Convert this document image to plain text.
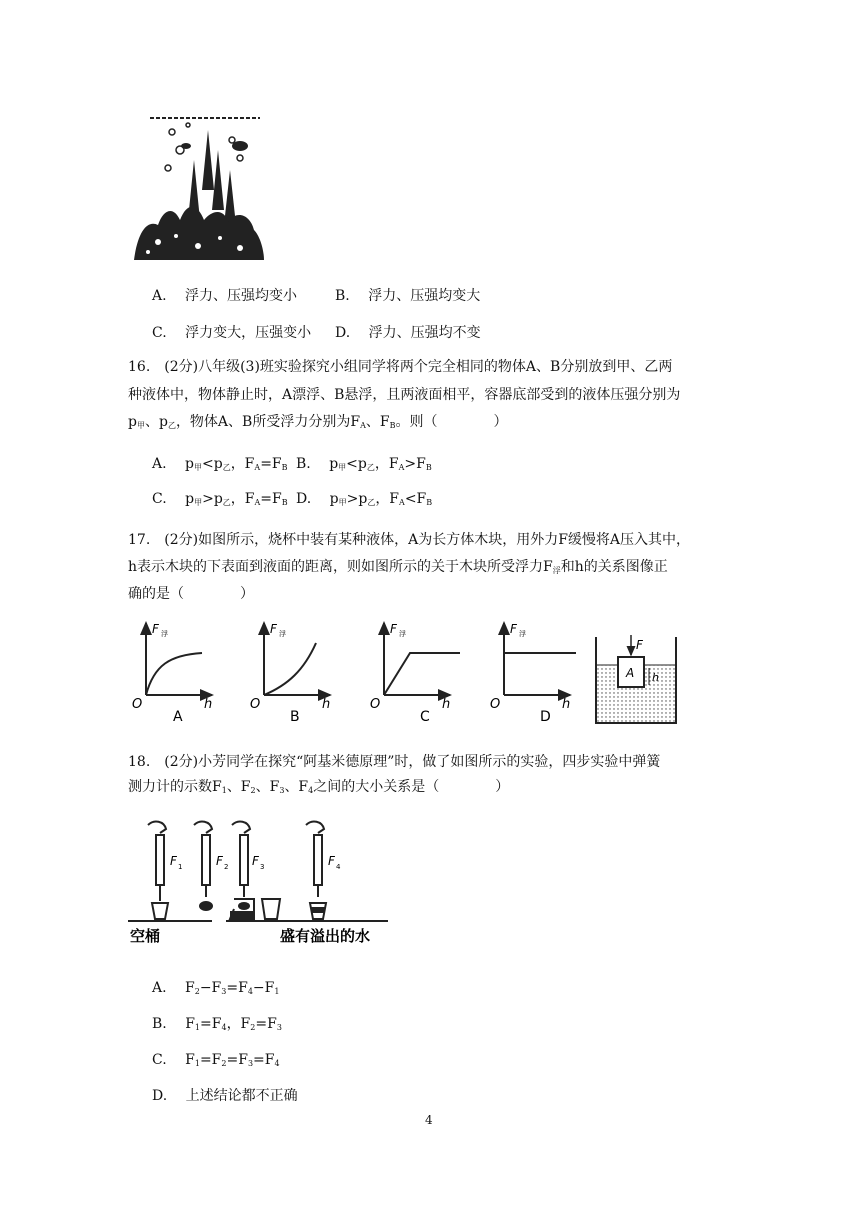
A.　 浮力、压强均变小	B.　 浮力、压强均变大
C.　 浮力变大，压强变小 D.　 浮力、压强均不变
16.　(2分)八年级(3)班实验探究小组同学将两个完全相同的物体A、B分别放到甲、乙两
种液体中，物体静止时，A漂浮、B悬浮，且两液面相平，容器底部受到的液体压强分别为
$p_甲$、$p_乙$，物体A、B所受浮力分别为$F_A$、$F_B$。则（　　　　）
A.　 $p_甲<p_乙$，$F_A=F_B$ B.　 $p_甲<p_乙$，$F_A>F_B$
C.　 $p_甲>p_乙$，$F_A=F_B$ D.　 $p_甲>p_乙$，$F_A<F_B$
17.　(2分)如图所示，烧杯中装有某种液体，A为长方体木块，用外力F缓慢将A压入其中，
h表示木块的下表面到液面的距离，则如图所示的关于木块所受浮力$F_浮$和h的关系图像正
确的是（　　　　）
F 浮
O	h
A
F 浮
O	h
B
F 浮
O	h
C
F 浮
O	h
D
F
A h
18.　(2分)小芳同学在探究“阿基米德原理”时，做了如图所示的实验，四步实验中弹簧
测力计的示数$F_1$、$F_2$、$F_3$、$F_4$之间的大小关系是（　　　　）
F 1	F 2 F 3	F 4
空桶	盛有溢出的水
A.　 $F_2-F_3=F_4-F_1$
B.　 $F_1=F_4$，$F_2=F_3$
C.　 $F_1=F_2=F_3=F_4$
D.　 上述结论都不正确
4
